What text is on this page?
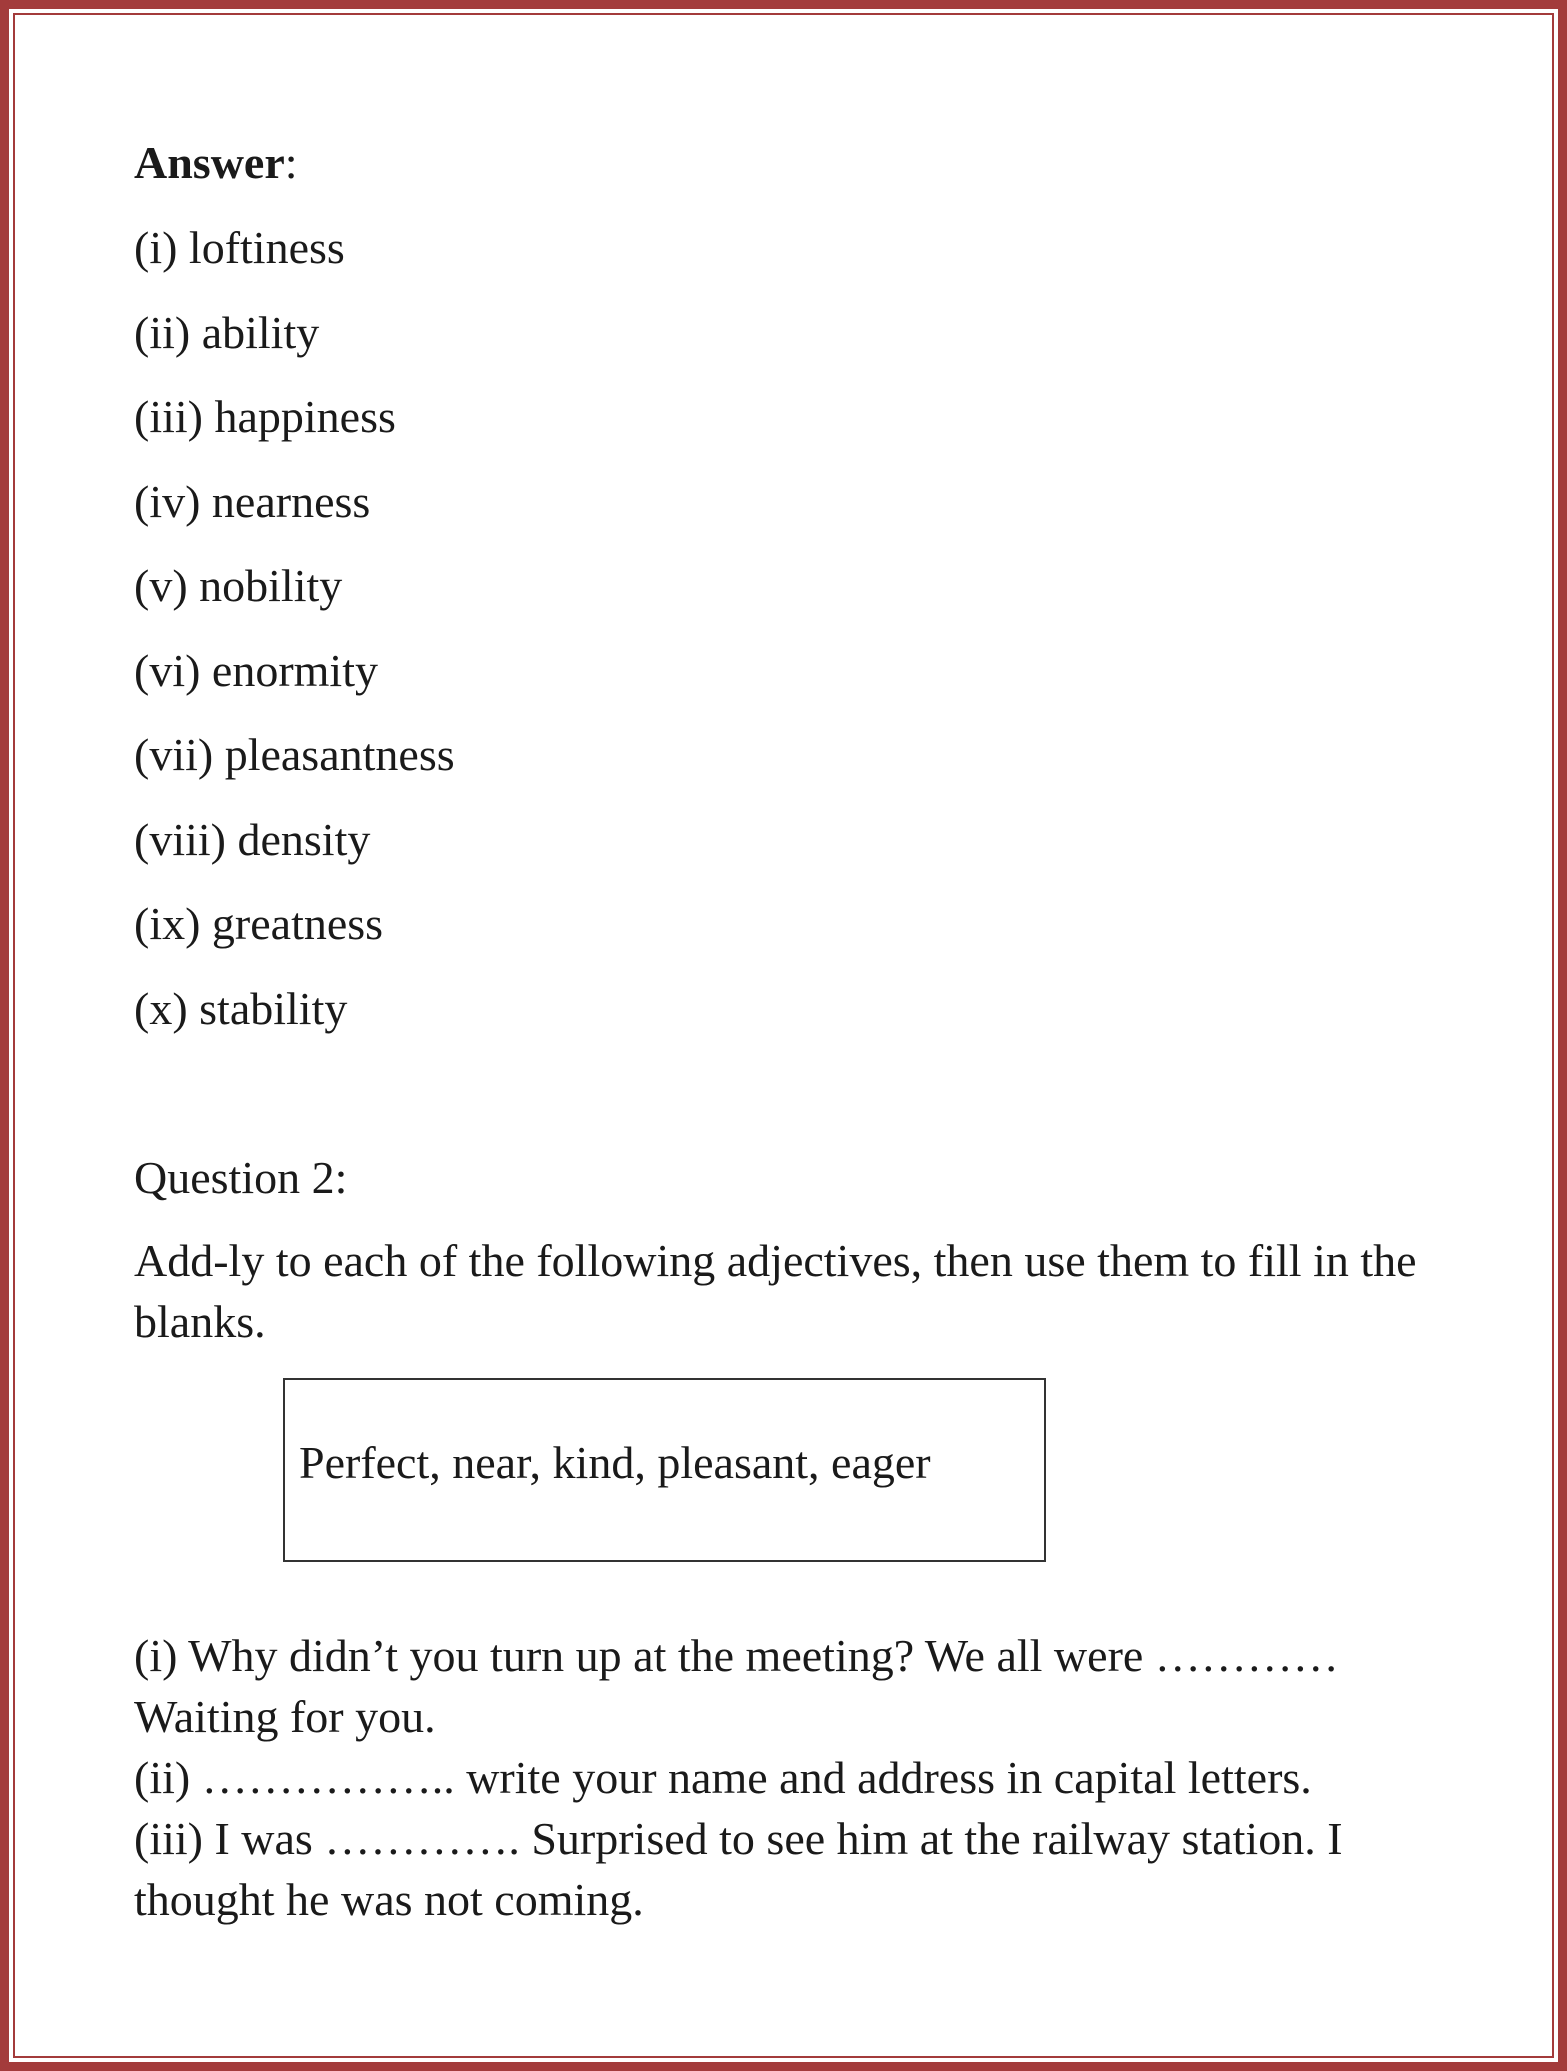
Answer:
(i) loftiness
(ii) ability
(iii) happiness
(iv) nearness
(v) nobility
(vi) enormity
(vii) pleasantness
(viii) density
(ix) greatness
(x) stability
Question 2:
Add-ly to each of the following adjectives, then use them to fill in the blanks.
(i) Why didn’t you turn up at the meeting? We all were ………… Waiting for you.
(ii) …………….. write your name and address in capital letters.
(iii) I was …………. Surprised to see him at the railway station. I thought he was not coming.
Perfect, near, kind, pleasant, eager
